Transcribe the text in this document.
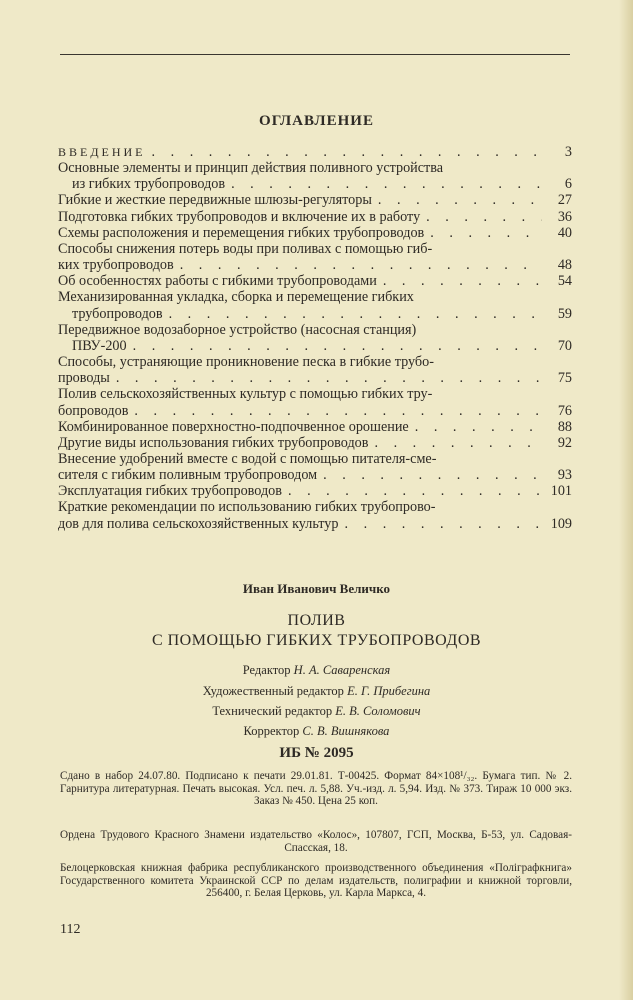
ОГЛАВЛЕНИЕ
ВВЕДЕНИЕ . . .	3
Основные элементы и принцип действия поливного устройства
из гибких трубопроводов . . .	6
Гибкие и жесткие передвижные шлюзы-регуляторы . . .	27
Подготовка гибких трубопроводов и включение их в работу . . .	36
Схемы расположения и перемещения гибких трубопроводов . . .	40
Способы снижения потерь воды при поливах с помощью гиб-
ких трубопроводов . . .	48
Об особенностях работы с гибкими трубопроводами . . .	54
Механизированная укладка, сборка и перемещение гибких
трубопроводов . . .	59
Передвижное водозаборное устройство (насосная станция)
ПВУ-200 . . .	70
Способы, устраняющие проникновение песка в гибкие трубо-
проводы . . .	75
Полив сельскохозяйственных культур с помощью гибких тру-
бопроводов . . .	76
Комбинированное поверхностно-подпочвенное орошение . . .	88
Другие виды использования гибких трубопроводов . . .	92
Внесение удобрений вместе с водой с помощью питателя-сме-
сителя с гибким поливным трубопроводом . . .	93
Эксплуатация гибких трубопроводов . . .	101
Краткие рекомендации по использованию гибких трубопрово-
дов для полива сельскохозяйственных культур . . .	109
Иван Иванович Величко
ПОЛИВ
С ПОМОЩЬЮ ГИБКИХ ТРУБОПРОВОДОВ
Редактор Н. А. Саваренская
Художественный редактор Е. Г. Прибегина
Технический редактор Е. В. Соломович
Корректор С. В. Вишнякова
ИБ № 2095
Сдано в набор 24.07.80. Подписано к печати 29.01.81. Т-00425. Формат 84×108¹/₃₂. Бумага тип. № 2. Гарнитура литературная. Печать высокая. Усл. печ. л. 5,88. Уч.-изд. л. 5,94. Изд. № 373. Тираж 10 000 экз. Заказ № 450. Цена 25 коп.
Ордена Трудового Красного Знамени издательство «Колос», 107807, ГСП, Москва, Б-53, ул. Садовая-Спасская, 18.
Белоцерковская книжная фабрика республиканского производственного объединения «Поліграфкнига» Государственного комитета Украинской ССР по делам издательств, полиграфии и книжной торговли, 256400, г. Белая Церковь, ул. Карла Маркса, 4.
112
